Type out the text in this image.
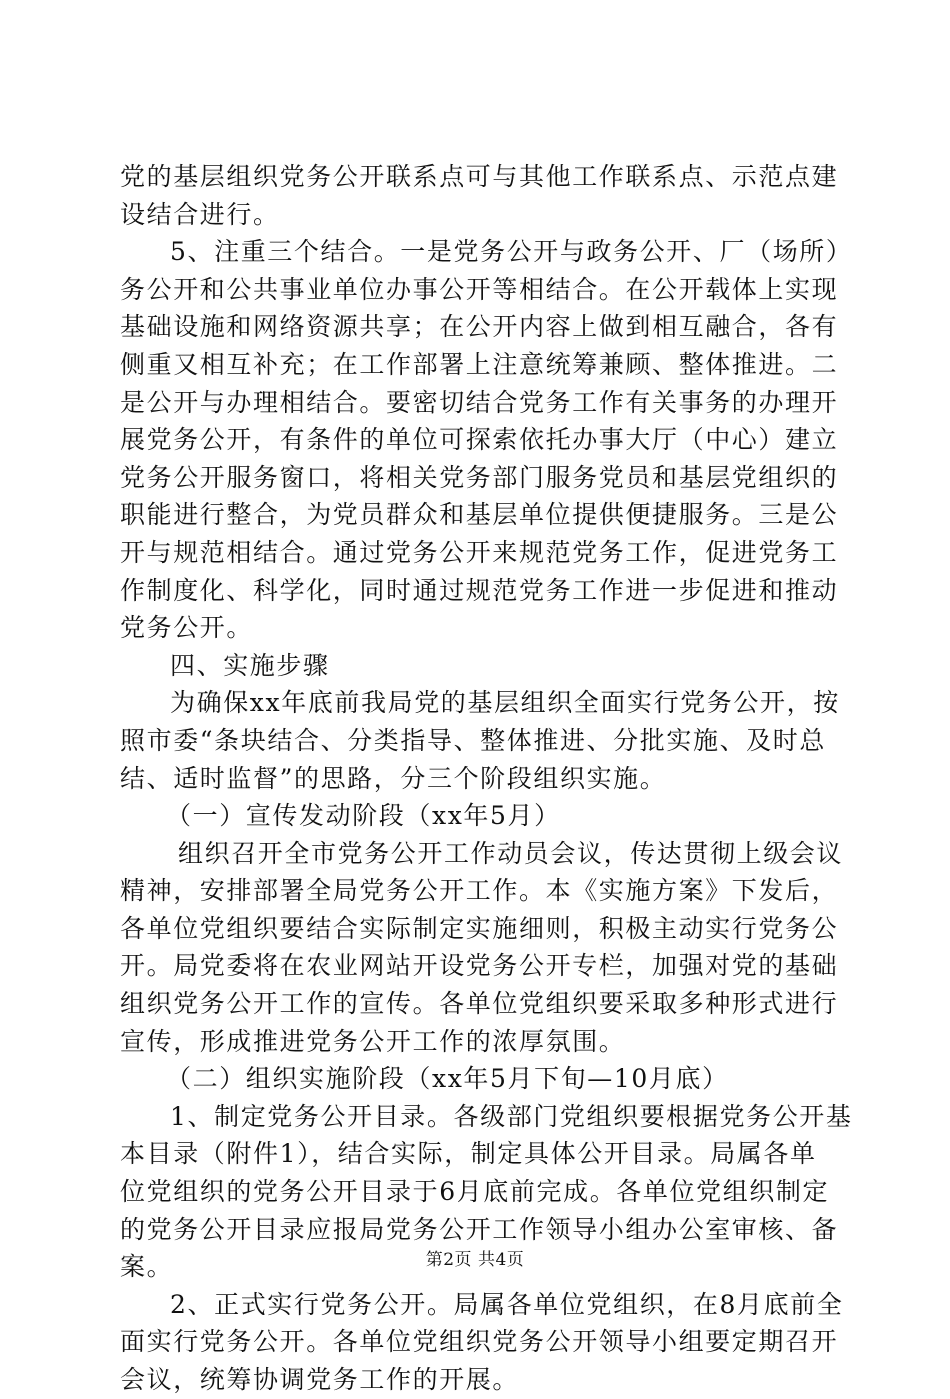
党的基层组织党务公开联系点可与其他工作联系点、示范点建
设结合进行。
5、注重三个结合。一是党务公开与政务公开、厂（场所）
务公开和公共事业单位办事公开等相结合。在公开载体上实现
基础设施和网络资源共享；在公开内容上做到相互融合，各有
侧重又相互补充；在工作部署上注意统筹兼顾、整体推进。二
是公开与办理相结合。要密切结合党务工作有关事务的办理开
展党务公开，有条件的单位可探索依托办事大厅（中心）建立
党务公开服务窗口，将相关党务部门服务党员和基层党组织的
职能进行整合，为党员群众和基层单位提供便捷服务。三是公
开与规范相结合。通过党务公开来规范党务工作，促进党务工
作制度化、科学化，同时通过规范党务工作进一步促进和推动
党务公开。
四、实施步骤
为确保xx年底前我局党的基层组织全面实行党务公开，按
照市委“条块结合、分类指导、整体推进、分批实施、及时总
结、适时监督”的思路，分三个阶段组织实施。
（一）宣传发动阶段（xx年5月）
组织召开全市党务公开工作动员会议，传达贯彻上级会议
精神，安排部署全局党务公开工作。本《实施方案》下发后，
各单位党组织要结合实际制定实施细则，积极主动实行党务公
开。局党委将在农业网站开设党务公开专栏，加强对党的基础
组织党务公开工作的宣传。各单位党组织要采取多种形式进行
宣传，形成推进党务公开工作的浓厚氛围。
（二）组织实施阶段（xx年5月下旬—10月底）
1、制定党务公开目录。各级部门党组织要根据党务公开基
本目录（附件1），结合实际，制定具体公开目录。局属各单
位党组织的党务公开目录于6月底前完成。各单位党组织制定
的党务公开目录应报局党务公开工作领导小组办公室审核、备
案。
2、正式实行党务公开。局属各单位党组织，在8月底前全
面实行党务公开。各单位党组织党务公开领导小组要定期召开
会议，统筹协调党务工作的开展。
第2页 共4页
